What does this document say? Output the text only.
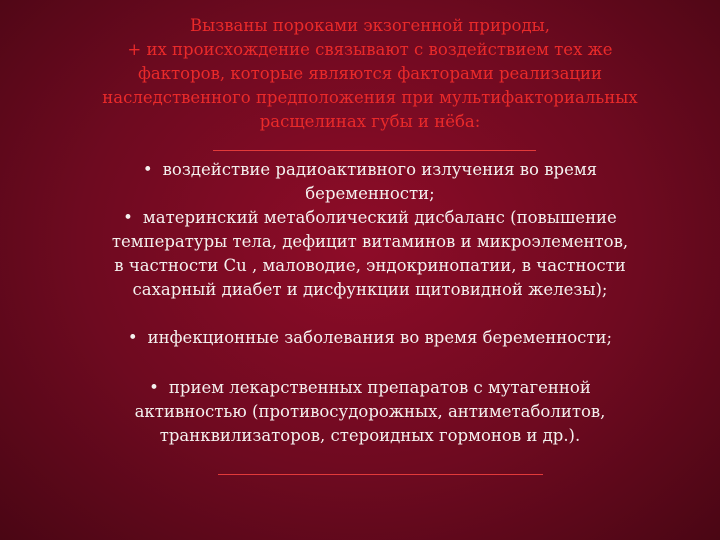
Вызваны пороками экзогенной природы,
+ их происхождение связывают с воздействием тех же
факторов, которые являются факторами реализации
наследственного предположения при мультифакториальных
расщелинах губы и нёба:
• воздействие радиоактивного излучения во время
беременности;
• материнский метаболический дисбаланс (повышение
температуры тела, дефицит витаминов и микроэлементов,
в частности Cu , маловодие, эндокринопатии, в частности
сахарный диабет и дисфункции щитовидной железы);
• инфекционные заболевания во время беременности;
• прием лекарственных препаратов с мутагенной
активностью (противосудорожных, антиметаболитов,
транквилизаторов, стероидных гормонов и др.).
